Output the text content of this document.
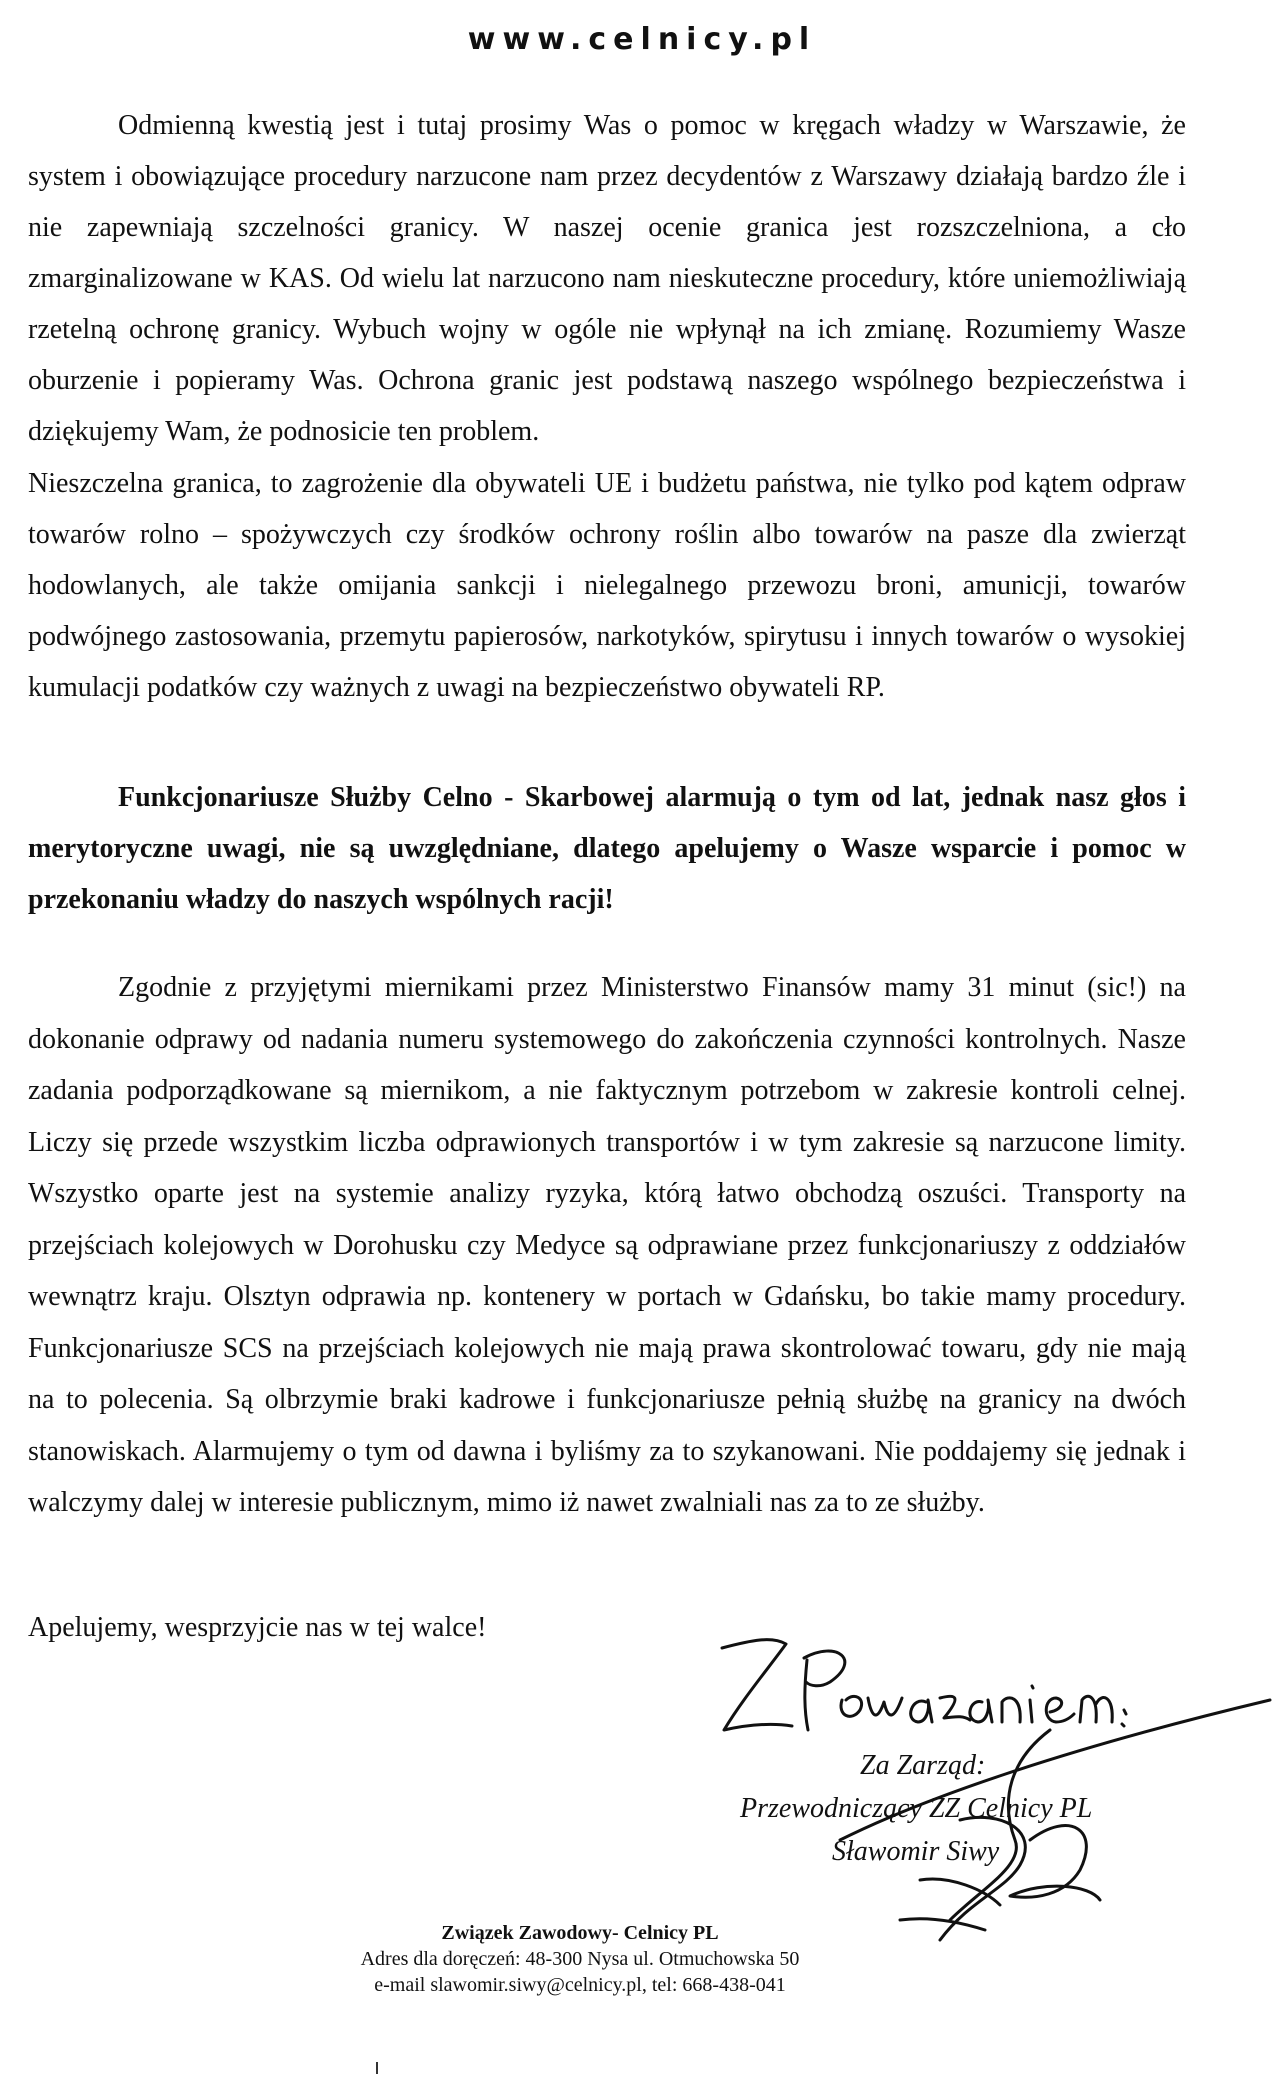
www.celnicy.pl

Odmienną kwestią jest i tutaj prosimy Was o pomoc w kręgach władzy w Warszawie, że system i obowiązujące procedury narzucone nam przez decydentów z Warszawy działają bardzo źle i nie zapewniają szczelności granicy. W naszej ocenie granica jest rozszczelniona, a cło zmarginalizowane w KAS. Od wielu lat narzucono nam nieskuteczne procedury, które uniemożliwiają rzetelną ochronę granicy. Wybuch wojny w ogóle nie wpłynął na ich zmianę. Rozumiemy Wasze oburzenie i popieramy Was. Ochrona granic jest podstawą naszego wspólnego bezpieczeństwa i dziękujemy Wam, że podnosicie ten problem.

Nieszczelna granica, to zagrożenie dla obywateli UE i budżetu państwa, nie tylko pod kątem odpraw towarów rolno – spożywczych czy środków ochrony roślin albo towarów na pasze dla zwierząt hodowlanych, ale także omijania sankcji i nielegalnego przewozu broni, amunicji, towarów podwójnego zastosowania, przemytu papierosów, narkotyków, spirytusu i innych towarów o wysokiej kumulacji podatków czy ważnych z uwagi na bezpieczeństwo obywateli RP.

Funkcjonariusze Służby Celno - Skarbowej alarmują o tym od lat, jednak nasz głos i merytoryczne uwagi, nie są uwzględniane, dlatego apelujemy o Wasze wsparcie i pomoc w przekonaniu władzy do naszych wspólnych racji!

Zgodnie z przyjętymi miernikami przez Ministerstwo Finansów mamy 31 minut (sic!) na dokonanie odprawy od nadania numeru systemowego do zakończenia czynności kontrolnych. Nasze zadania podporządkowane są miernikom, a nie faktycznym potrzebom w zakresie kontroli celnej. Liczy się przede wszystkim liczba odprawionych transportów i w tym zakresie są narzucone limity. Wszystko oparte jest na systemie analizy ryzyka, którą łatwo obchodzą oszuści. Transporty na przejściach kolejowych w Dorohusku czy Medyce są odprawiane przez funkcjonariuszy z oddziałów wewnątrz kraju. Olsztyn odprawia np. kontenery w portach w Gdańsku, bo takie mamy procedury. Funkcjonariusze SCS na przejściach kolejowych nie mają prawa skontrolować towaru, gdy nie mają na to polecenia. Są olbrzymie braki kadrowe i funkcjonariusze pełnią służbę na granicy na dwóch stanowiskach. Alarmujemy o tym od dawna i byliśmy za to szykanowani. Nie poddajemy się jednak i walczymy dalej w interesie publicznym, mimo iż nawet zwalniali nas za to ze służby.

Apelujemy, wesprzyjcie nas w tej walce!

Za Zarząd:
Przewodniczący ZZ Celnicy PL
Sławomir Siwy
Związek Zawodowy- Celnicy PL
Adres dla doręczeń: 48-300 Nysa ul. Otmuchowska 50
e-mail slawomir.siwy@celnicy.pl, tel: 668-438-041
